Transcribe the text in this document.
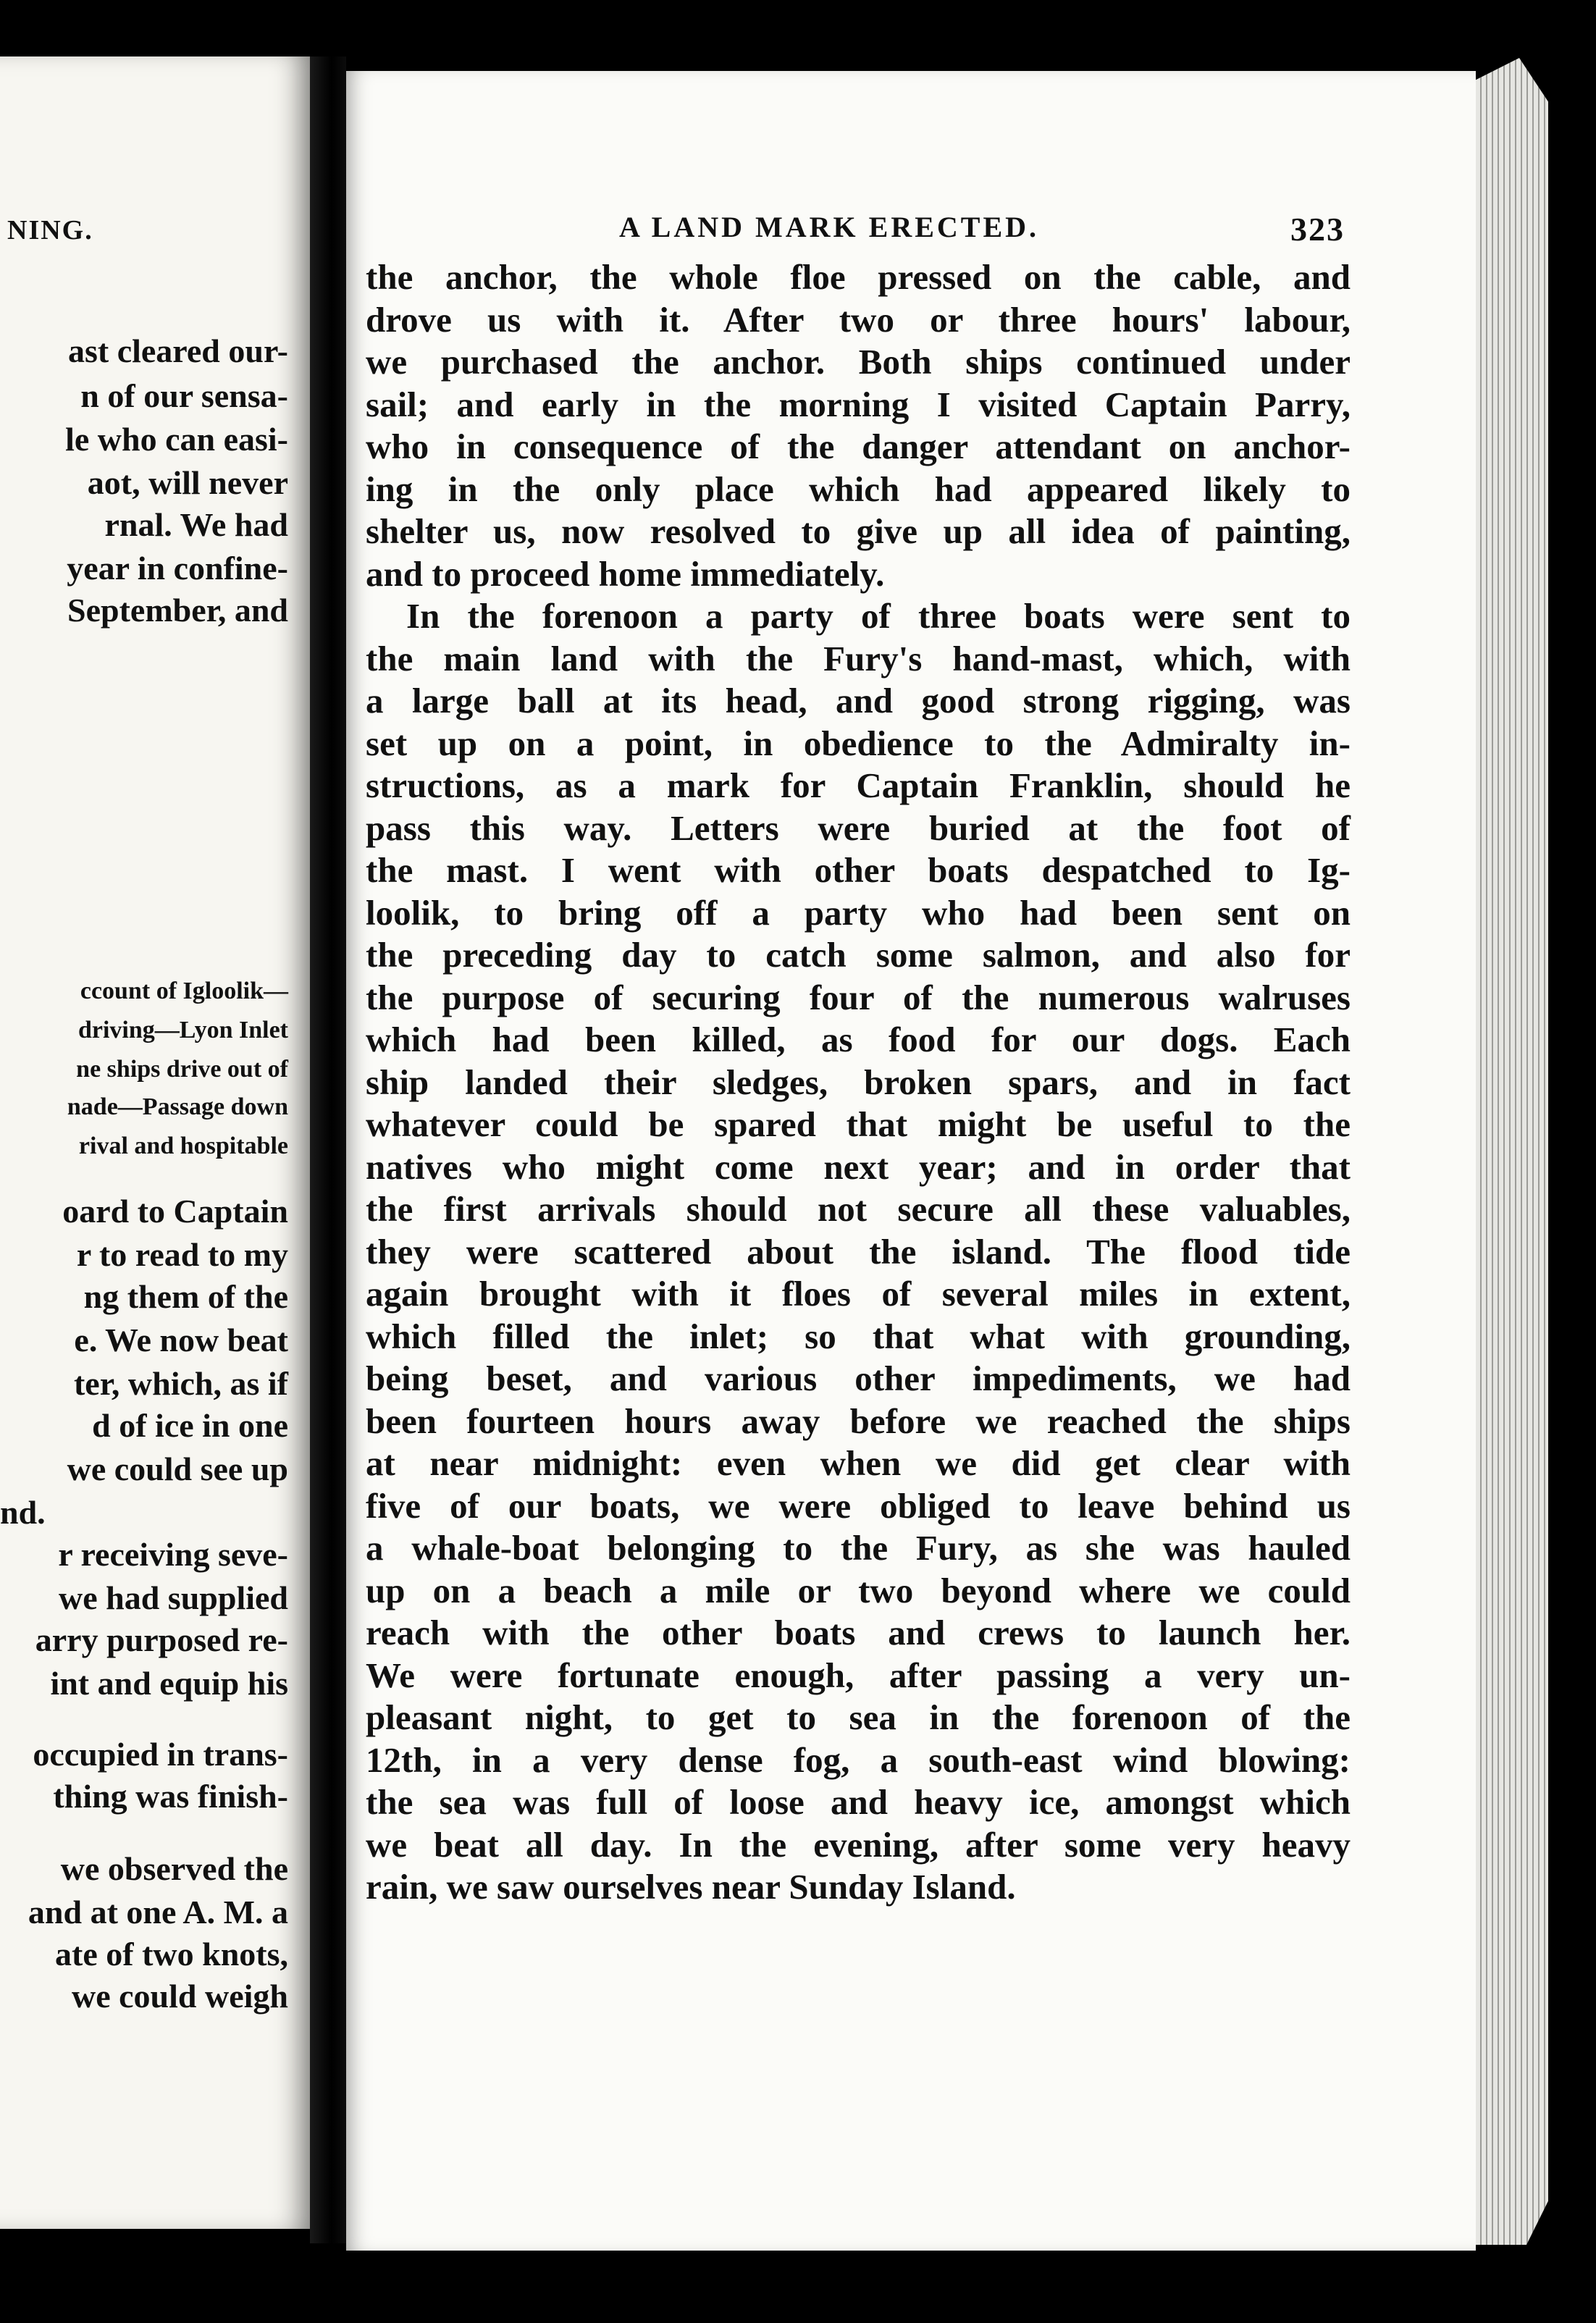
NING.
ast cleared our-
n of our sensa-
le who can easi-
aot, will never
rnal. We had
year in confine-
September, and
ccount of Igloolik—
driving—Lyon Inlet
ne ships drive out of
nade—Passage down
rival and hospitable
oard to Captain
r to read to my
ng them of the
e. We now beat
ter, which, as if
d of ice in one
we could see up
nd.
r receiving seve-
we had supplied
arry purposed re-
int and equip his
occupied in trans-
thing was finish-
we observed the
and at one A. M. a
ate of two knots,
we could weigh
A LAND MARK ERECTED.	323
the anchor, the whole floe pressed on the cable, and
drove us with it. After two or three hours' labour,
we purchased the anchor. Both ships continued under
sail; and early in the morning I visited Captain Parry,
who in consequence of the danger attendant on anchor-
ing in the only place which had appeared likely to
shelter us, now resolved to give up all idea of painting,
and to proceed home immediately.
In the forenoon a party of three boats were sent to
the main land with the Fury's hand-mast, which, with
a large ball at its head, and good strong rigging, was
set up on a point, in obedience to the Admiralty in-
structions, as a mark for Captain Franklin, should he
pass this way. Letters were buried at the foot of
the mast. I went with other boats despatched to Ig-
loolik, to bring off a party who had been sent on
the preceding day to catch some salmon, and also for
the purpose of securing four of the numerous walruses
which had been killed, as food for our dogs. Each
ship landed their sledges, broken spars, and in fact
whatever could be spared that might be useful to the
natives who might come next year; and in order that
the first arrivals should not secure all these valuables,
they were scattered about the island. The flood tide
again brought with it floes of several miles in extent,
which filled the inlet; so that what with grounding,
being beset, and various other impediments, we had
been fourteen hours away before we reached the ships
at near midnight: even when we did get clear with
five of our boats, we were obliged to leave behind us
a whale-boat belonging to the Fury, as she was hauled
up on a beach a mile or two beyond where we could
reach with the other boats and crews to launch her.
We were fortunate enough, after passing a very un-
pleasant night, to get to sea in the forenoon of the
12th, in a very dense fog, a south-east wind blowing:
the sea was full of loose and heavy ice, amongst which
we beat all day. In the evening, after some very heavy
rain, we saw ourselves near Sunday Island.
